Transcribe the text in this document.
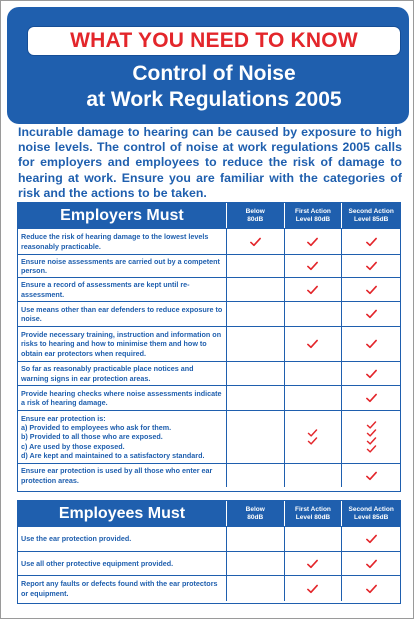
WHAT YOU NEED TO KNOW
Control of Noise
at Work Regulations 2005
Incurable damage to hearing can be caused by exposure to high noise levels. The control of noise at work regulations 2005 calls for employers and employees to reduce the risk of damage to hearing at work. Ensure you are familiar with the categories of risk and the actions to be taken.
Employers Must	Below
80dB
First Action
Level 80dB
Second Action
Level 85dB
Reduce the risk of hearing damage to the lowest levels reasonably practicable.
Ensure noise assessments are carried out by a competent person.
Ensure a record of assessments are kept until re-assessment.
Use means other than ear defenders to reduce exposure to noise.
Provide necessary training, instruction and information on risks to hearing and how to minimise them and how to obtain ear protectors when required.
So far as reasonably practicable place notices and warning signs in ear protection areas.
Provide hearing checks where noise assessments indicate a risk of hearing damage.
Ensure ear protection is:
a) Provided to employees who ask for them.
b) Provided to all those who are exposed.
c) Are used by those exposed.
d) Are kept and maintained to a satisfactory standard.
Ensure ear protection is used by all those who enter ear protection areas.
Employees Must	Below
80dB
First Action
Level 80dB
Second Action
Level 85dB
Use the ear protection provided.
Use all other protective equipment provided.
Report any faults or defects found with the ear protectors or equipment.
